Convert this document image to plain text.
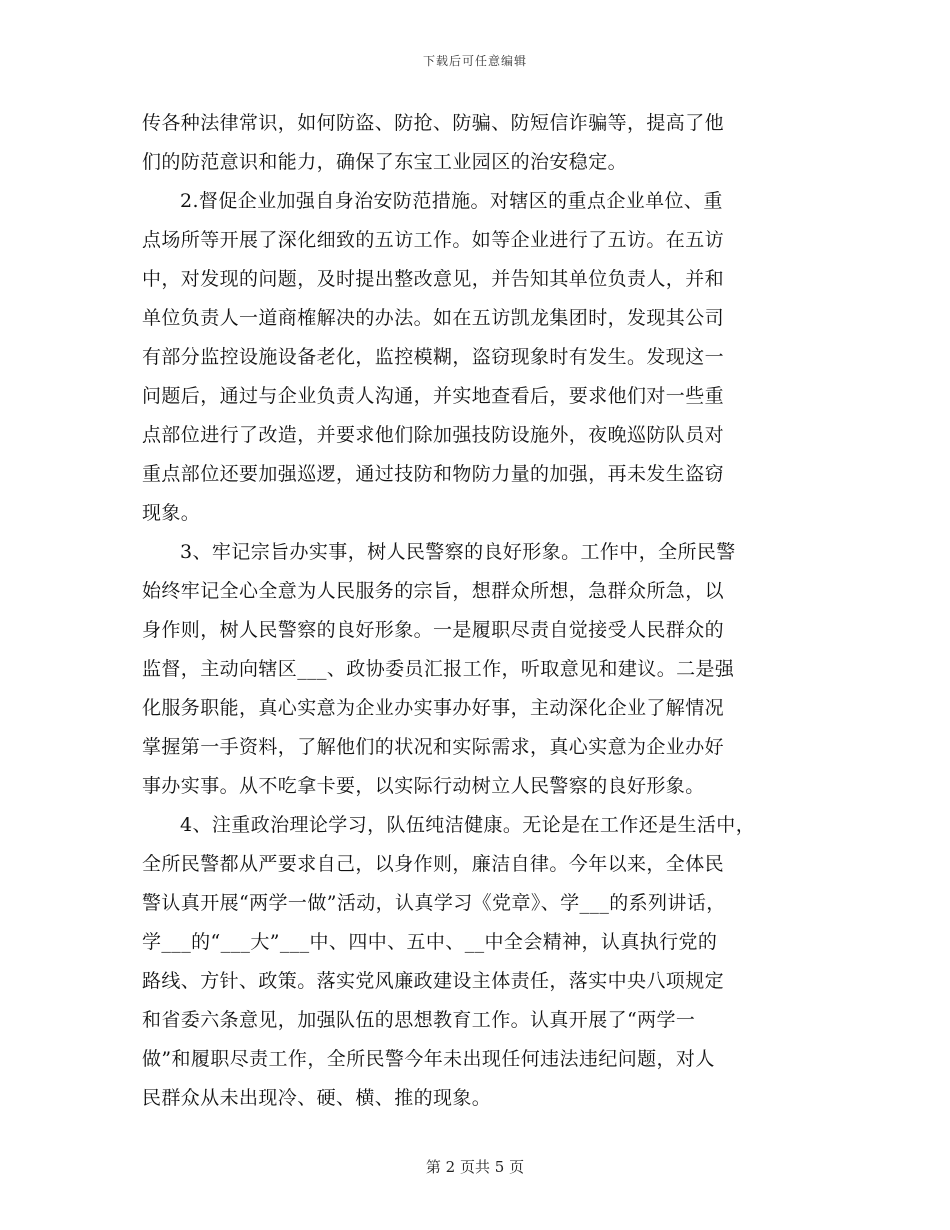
下载后可任意编辑
传各种法律常识，如何防盗、防抢、防骗、防短信诈骗等，提高了他
们的防范意识和能力，确保了东宝工业园区的治安稳定。
2.督促企业加强自身治安防范措施。对辖区的重点企业单位、重
点场所等开展了深化细致的五访工作。如等企业进行了五访。在五访
中，对发现的问题，及时提出整改意见，并告知其单位负责人，并和
单位负责人一道商榷解决的办法。如在五访凯龙集团时，发现其公司
有部分监控设施设备老化，监控模糊，盗窃现象时有发生。发现这一
问题后，通过与企业负责人沟通，并实地查看后，要求他们对一些重
点部位进行了改造，并要求他们除加强技防设施外，夜晚巡防队员对
重点部位还要加强巡逻，通过技防和物防力量的加强，再未发生盗窃
现象。
3、牢记宗旨办实事，树人民警察的良好形象。工作中，全所民警
始终牢记全心全意为人民服务的宗旨，想群众所想，急群众所急，以
身作则，树人民警察的良好形象。一是履职尽责自觉接受人民群众的
监督，主动向辖区___、政协委员汇报工作，听取意见和建议。二是强
化服务职能，真心实意为企业办实事办好事，主动深化企业了解情况
掌握第一手资料，了解他们的状况和实际需求，真心实意为企业办好
事办实事。从不吃拿卡要，以实际行动树立人民警察的良好形象。
4、注重政治理论学习，队伍纯洁健康。无论是在工作还是生活中，
全所民警都从严要求自己，以身作则，廉洁自律。今年以来，全体民
警认真开展“两学一做”活动，认真学习《党章》、学___的系列讲话，
学___的“___大”___中、四中、五中、__中全会精神，认真执行党的
路线、方针、政策。落实党风廉政建设主体责任，落实中央八项规定
和省委六条意见，加强队伍的思想教育工作。认真开展了“两学一
做”和履职尽责工作，全所民警今年未出现任何违法违纪问题，对人
民群众从未出现冷、硬、横、推的现象。
第 2 页共 5 页
